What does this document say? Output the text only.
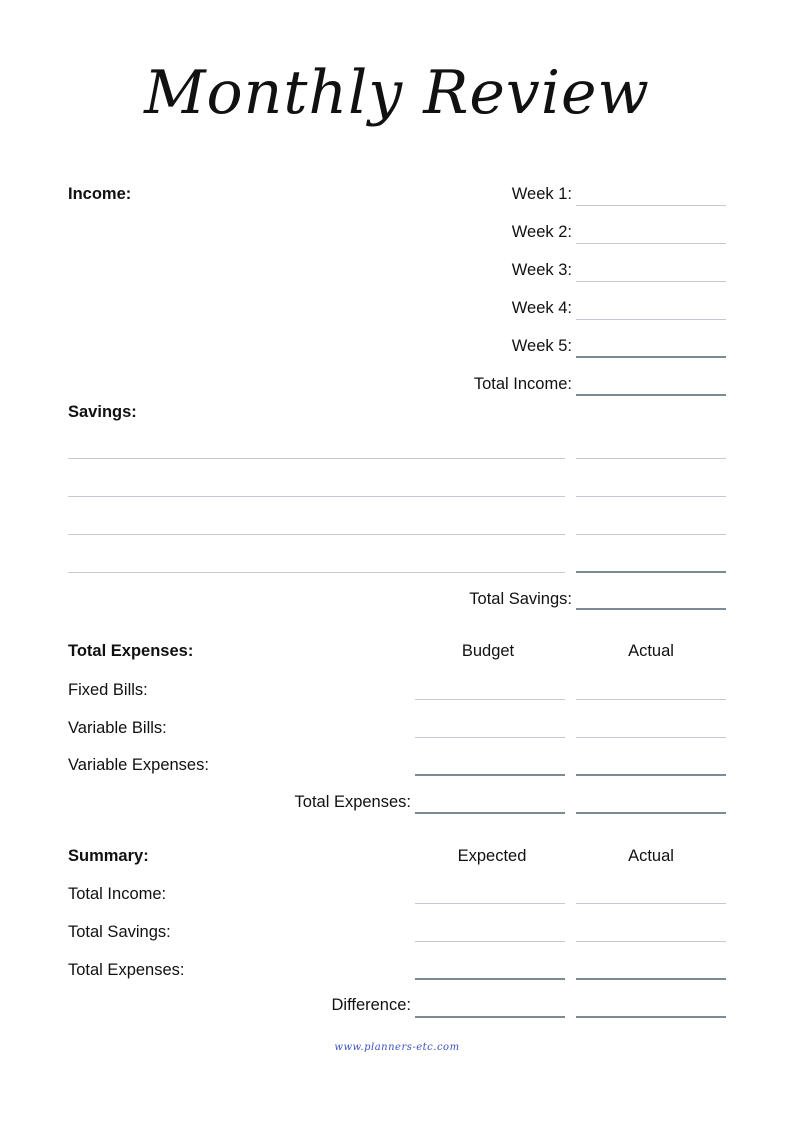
Monthly Review
Income:	Week 1:
Week 2:
Week 3:
Week 4:
Week 5:
Total Income:
Savings:
Total Savings:
Total Expenses:	Budget	Actual
Fixed Bills:
Variable Bills:
Variable Expenses:
Total Expenses:
Summary:	Expected	Actual
Total Income:
Total Savings:
Total Expenses:
Difference:
www.planners-etc.com
